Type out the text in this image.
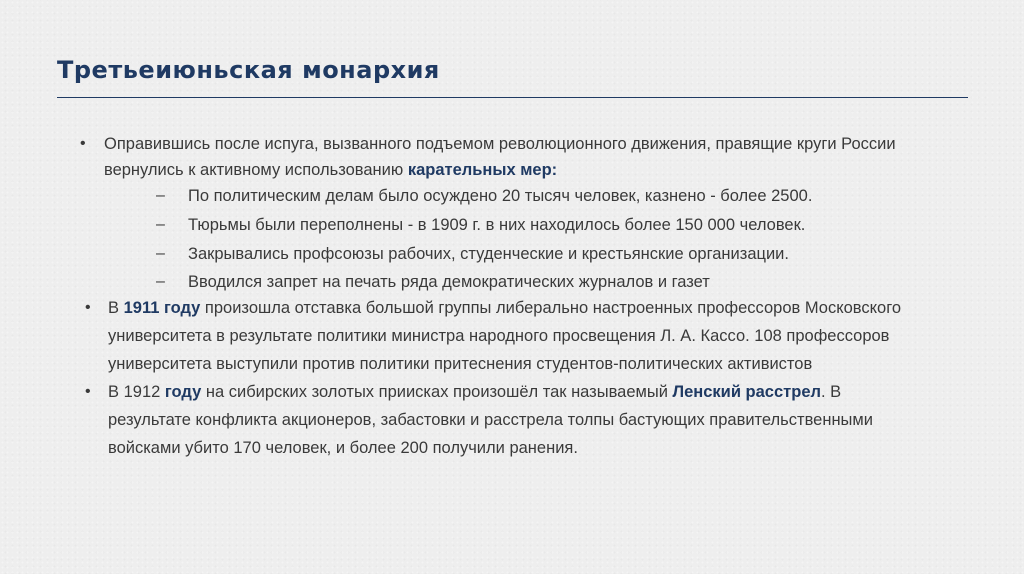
Третьеиюньская монархия
• Оправившись после испуга, вызванного подъемом революционного движения, правящие круги России
вернулись к активному использованию карательных мер:
– По политическим делам было осуждено 20 тысяч человек, казнено - более 2500.
– Тюрьмы были переполнены - в 1909 г. в них находилось более 150 000 человек.
– Закрывались профсоюзы рабочих, студенческие и крестьянские организации.
– Вводился запрет на печать ряда демократических журналов и газет
• В 1911 году произошла отставка большой группы либерально настроенных профессоров Московского
университета в результате политики министра народного просвещения Л. А. Кассо. 108 профессоров
университета выступили против политики притеснения студентов-политических активистов
• В 1912 году на сибирских золотых приисках произошёл так называемый Ленский расстрел. В
результате конфликта акционеров, забастовки и расстрела толпы бастующих правительственными
войсками убито 170 человек, и более 200 получили ранения.
